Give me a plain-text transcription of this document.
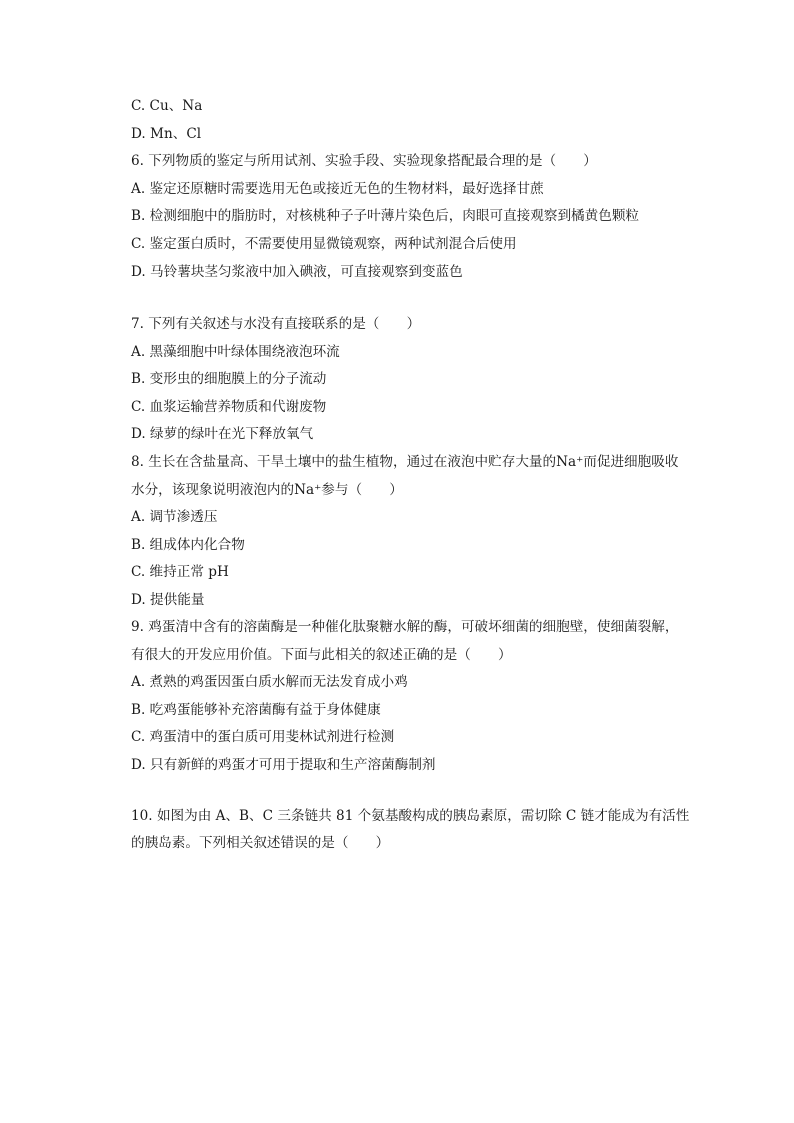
C. Cu、Na
D. Mn、Cl
6. 下列物质的鉴定与所用试剂、实验手段、实验现象搭配最合理的是（　　）
A. 鉴定还原糖时需要选用无色或接近无色的生物材料，最好选择甘蔗
B. 检测细胞中的脂肪时，对核桃种子子叶薄片染色后，肉眼可直接观察到橘黄色颗粒
C. 鉴定蛋白质时，不需要使用显微镜观察，两种试剂混合后使用
D. 马铃薯块茎匀浆液中加入碘液，可直接观察到变蓝色
7. 下列有关叙述与水没有直接联系的是（　　）
A. 黑藻细胞中叶绿体围绕液泡环流
B. 变形虫的细胞膜上的分子流动
C. 血浆运输营养物质和代谢废物
D. 绿萝的绿叶在光下释放氧气
8. 生长在含盐量高、干旱土壤中的盐生植物，通过在液泡中贮存大量的Na⁺而促进细胞吸收
水分，该现象说明液泡内的Na⁺参与（　　）
A. 调节渗透压
B. 组成体内化合物
C. 维持正常 pH
D. 提供能量
9. 鸡蛋清中含有的溶菌酶是一种催化肽聚糖水解的酶，可破坏细菌的细胞壁，使细菌裂解，
有很大的开发应用价值。下面与此相关的叙述正确的是（　　）
A. 煮熟的鸡蛋因蛋白质水解而无法发育成小鸡
B. 吃鸡蛋能够补充溶菌酶有益于身体健康
C. 鸡蛋清中的蛋白质可用斐林试剂进行检测
D. 只有新鲜的鸡蛋才可用于提取和生产溶菌酶制剂
10. 如图为由 A、B、C 三条链共 81 个氨基酸构成的胰岛素原，需切除 C 链才能成为有活性
的胰岛素。下列相关叙述错误的是（　　）
